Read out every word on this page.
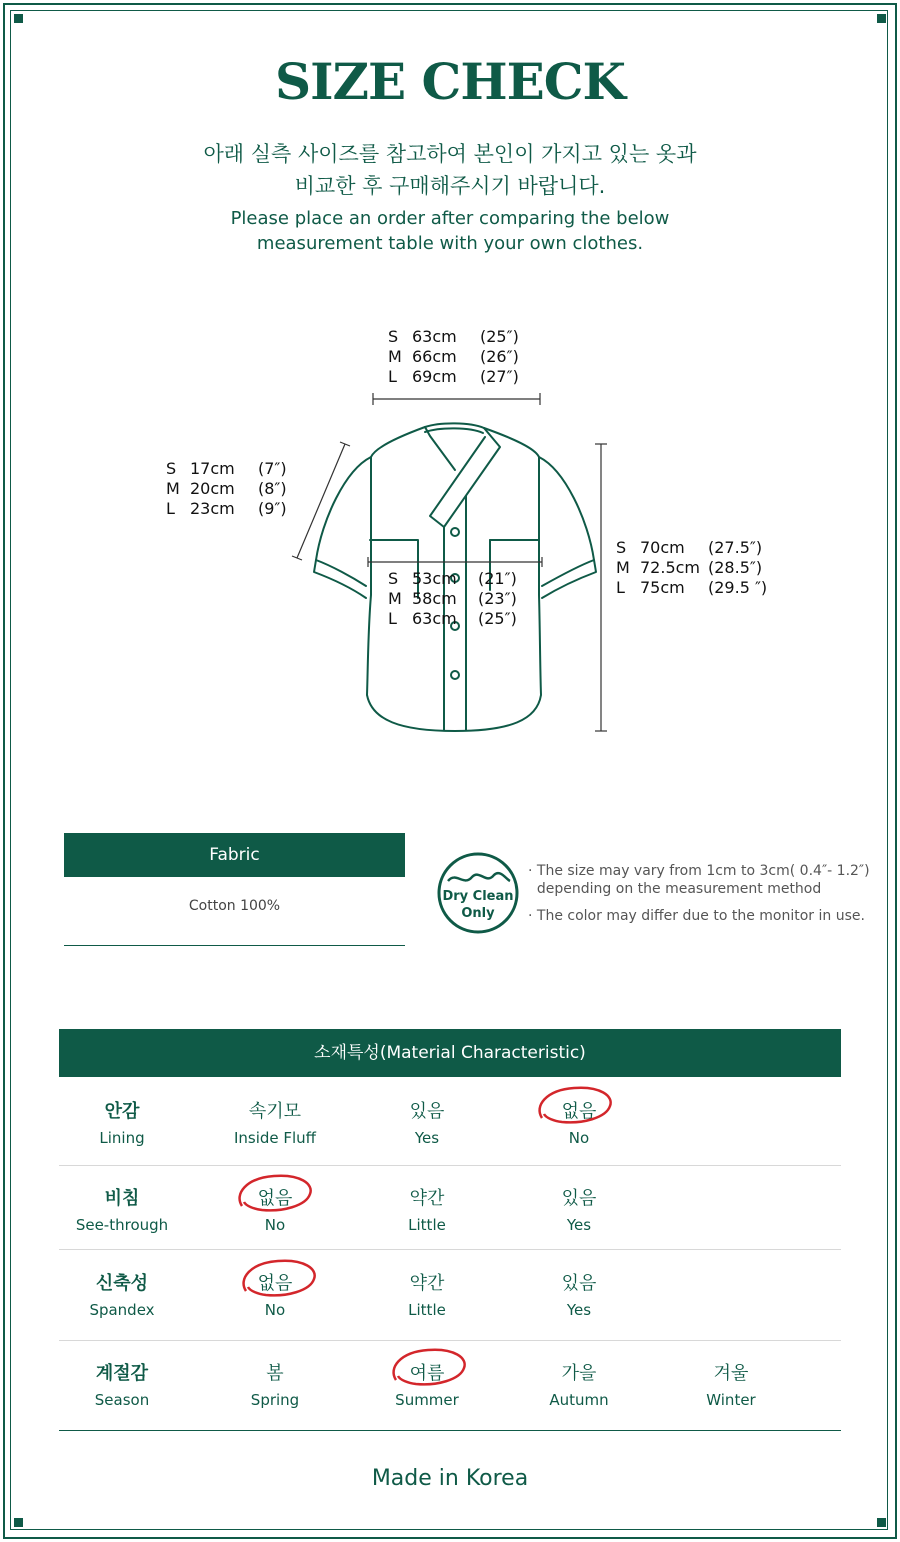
SIZE CHECK
아래 실측 사이즈를 참고하여 본인이 가지고 있는 옷과
비교한 후 구매해주시기 바랍니다.
Please place an order after comparing the below
measurement table with your own clothes.
S 63cm (25″)
M 66cm (26″)
L 69cm (27″)
S 17cm (7″)
M 20cm (8″)
L 23cm (9″)
S 53cm (21″)
M 58cm (23″)
L 63cm (25″)
S 70cm (27.5″)
M 72.5cm (28.5″)
L 75cm (29.5 ″)
Fabric
Cotton 100%
Dry Clean
Only
· The size may vary from 1cm to 3cm( 0.4″- 1.2″)
depending on the measurement method
· The color may differ due to the monitor in use.
소재특성(Material Characteristic)
안감
Lining
속기모
Inside Fluff
있음
Yes
없음
No
비침
See-through
없음
No
약간
Little
있음
Yes
신축성
Spandex
없음
No
약간
Little
있음
Yes
계절감
Season
봄
Spring
여름
Summer
가을
Autumn
겨울
Winter
Made in Korea
